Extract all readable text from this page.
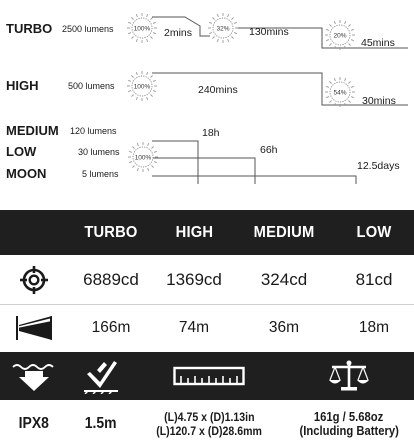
TURBO 2500 lumens	100% 2mins	32% 130mins	20%
45mins
HIGH	500 lumens	100%	240mins	54%
30mins
MEDIUM 120 lumens
LOW	30 lumens
MOON	5 lumens
100%
18h
66h
12.5days
TURBO HIGH	MEDIUM	LOW
6889cd 1369cd 324cd	81cd
166m	74m	36m	18m
IPX8 1.5m	(L)4.75 x (D)1.13in
(L)120.7 x (D)28.6mm
161g / 5.68oz
(Including Battery)
